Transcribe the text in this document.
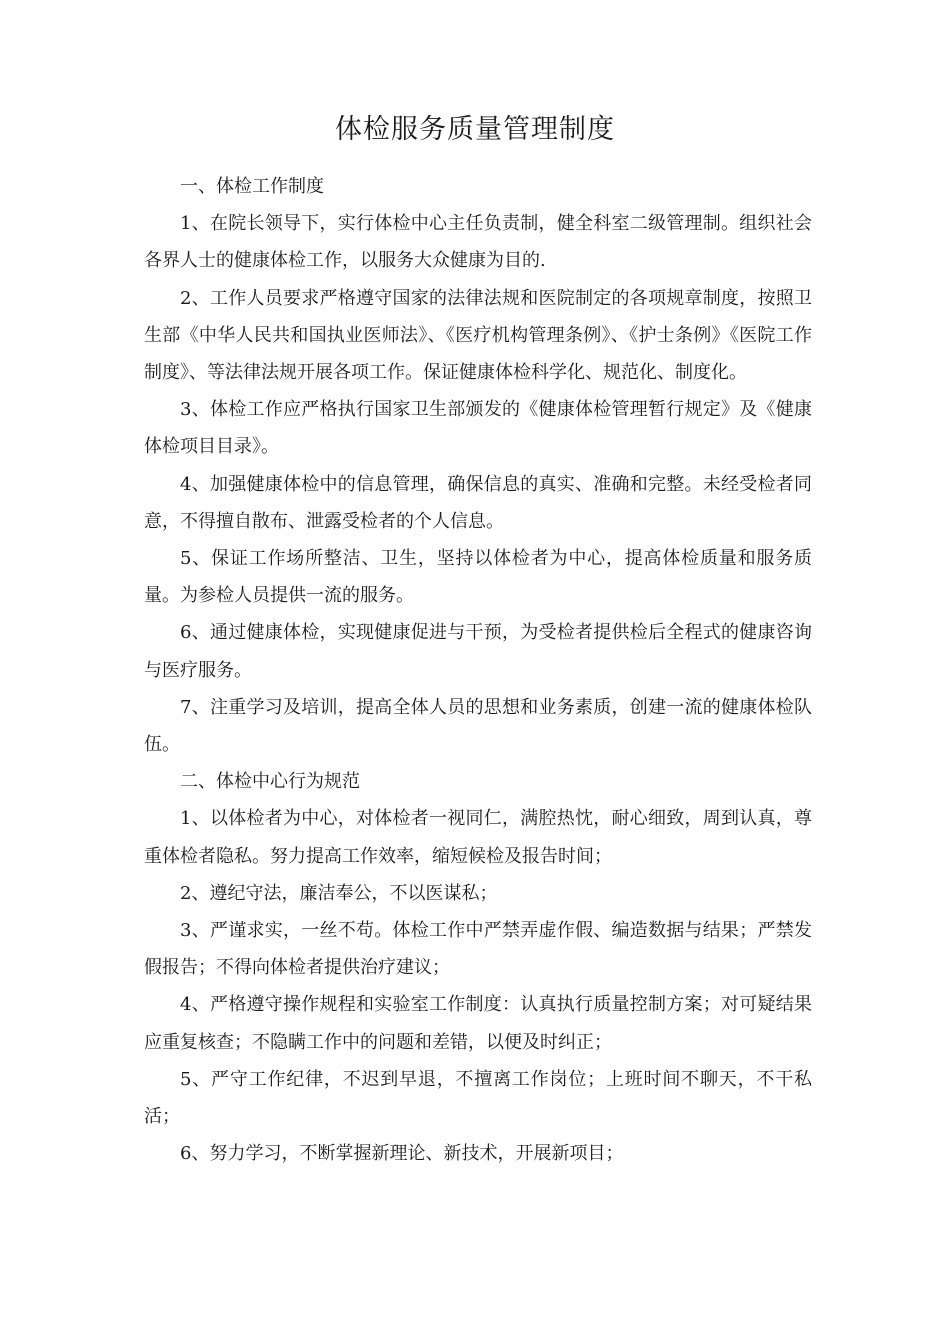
体检服务质量管理制度

一、体检工作制度

1、在院长领导下，实行体检中心主任负责制，健全科室二级管理制。组织社会各界人士的健康体检工作，以服务大众健康为目的.

2、工作人员要求严格遵守国家的法律法规和医院制定的各项规章制度，按照卫生部《中华人民共和国执业医师法》、《医疗机构管理条例》、《护士条例》《医院工作制度》、等法律法规开展各项工作。保证健康体检科学化、规范化、制度化。

3、体检工作应严格执行国家卫生部颁发的《健康体检管理暂行规定》及《健康体检项目目录》。

4、加强健康体检中的信息管理，确保信息的真实、准确和完整。未经受检者同意，不得擅自散布、泄露受检者的个人信息。

5、保证工作场所整洁、卫生，坚持以体检者为中心，提高体检质量和服务质量。为参检人员提供一流的服务。

6、通过健康体检，实现健康促进与干预，为受检者提供检后全程式的健康咨询与医疗服务。

7、注重学习及培训，提高全体人员的思想和业务素质，创建一流的健康体检队伍。

二、体检中心行为规范

1、以体检者为中心，对体检者一视同仁，满腔热忱，耐心细致，周到认真，尊重体检者隐私。努力提高工作效率，缩短候检及报告时间；

2、遵纪守法，廉洁奉公，不以医谋私；

3、严谨求实，一丝不苟。体检工作中严禁弄虚作假、编造数据与结果；严禁发假报告；不得向体检者提供治疗建议；

4、严格遵守操作规程和实验室工作制度：认真执行质量控制方案；对可疑结果应重复核查；不隐瞒工作中的问题和差错，以便及时纠正；

5、严守工作纪律，不迟到早退，不擅离工作岗位；上班时间不聊天，不干私活；

6、努力学习，不断掌握新理论、新技术，开展新项目；
